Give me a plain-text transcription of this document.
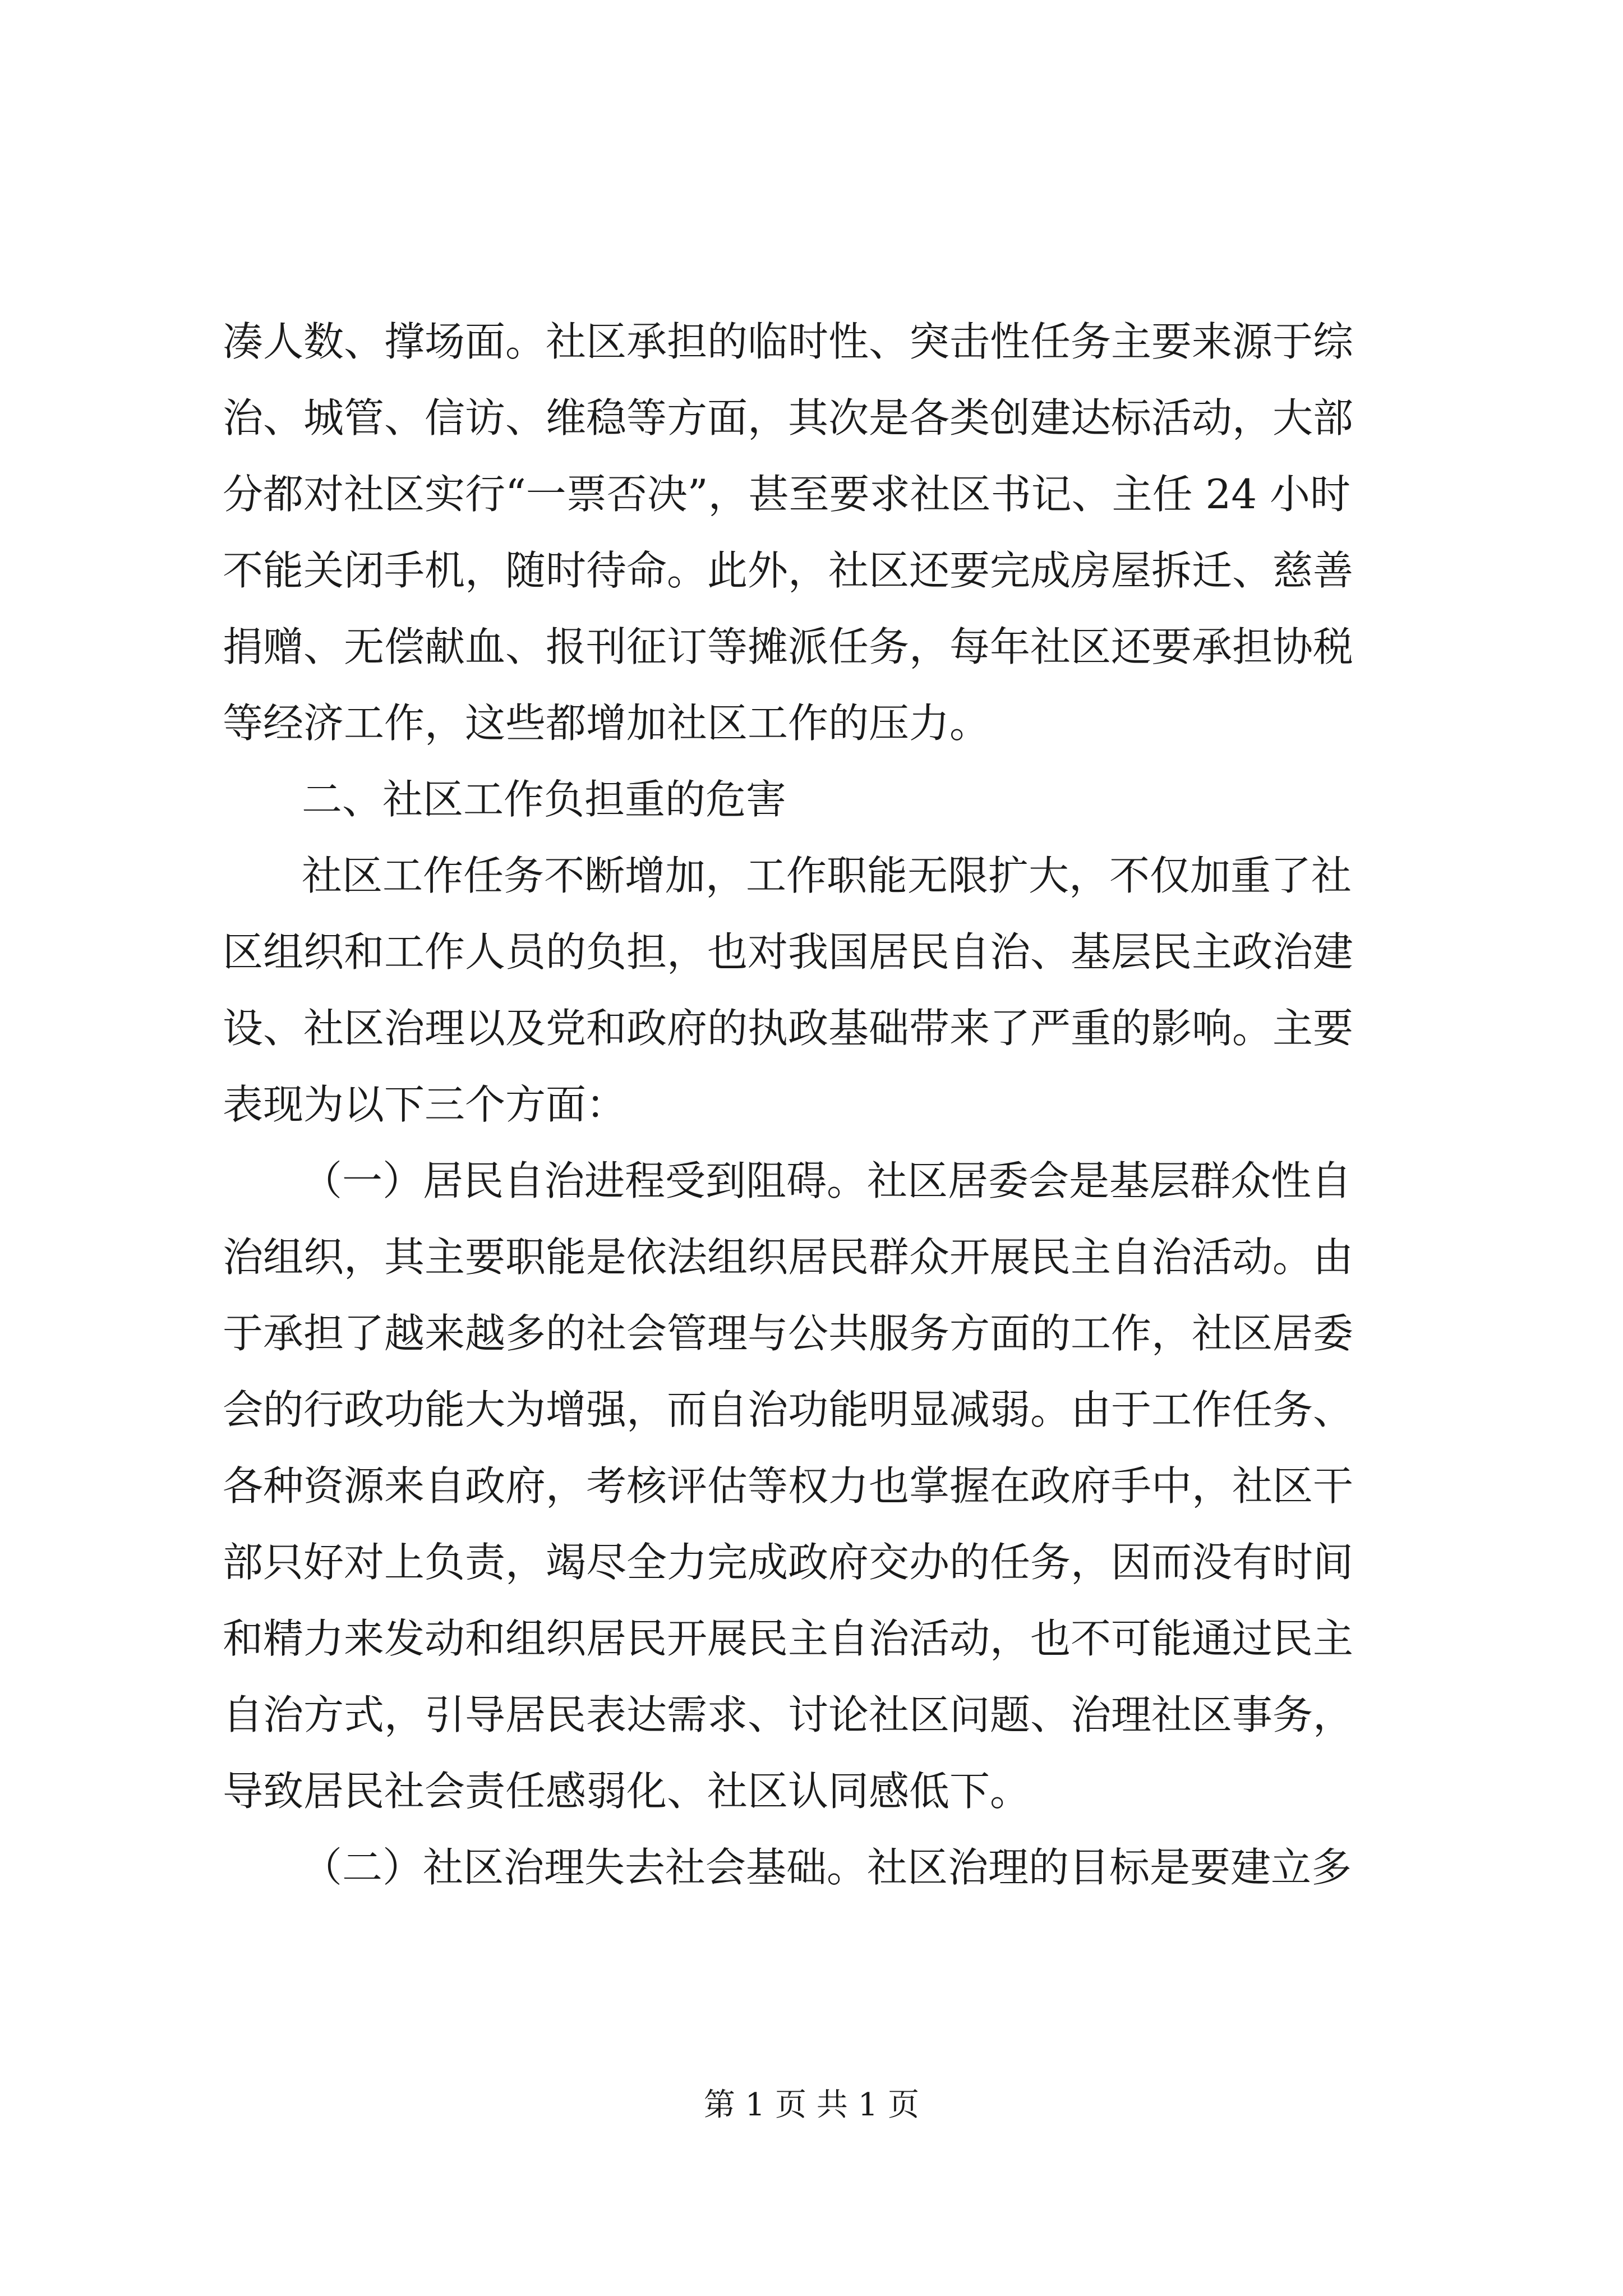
凑人数、撑场面。社区承担的临时性、突击性任务主要来源于综
治、城管、信访、维稳等方面，其次是各类创建达标活动，大部
分都对社区实行“一票否决”，甚至要求社区书记、主任 24 小时
不能关闭手机，随时待命。此外，社区还要完成房屋拆迁、慈善
捐赠、无偿献血、报刊征订等摊派任务，每年社区还要承担协税
等经济工作，这些都增加社区工作的压力。
二、社区工作负担重的危害
社区工作任务不断增加，工作职能无限扩大，不仅加重了社
区组织和工作人员的负担，也对我国居民自治、基层民主政治建
设、社区治理以及党和政府的执政基础带来了严重的影响。主要
表现为以下三个方面：
（一）居民自治进程受到阻碍。社区居委会是基层群众性自
治组织，其主要职能是依法组织居民群众开展民主自治活动。由
于承担了越来越多的社会管理与公共服务方面的工作，社区居委
会的行政功能大为增强，而自治功能明显减弱。由于工作任务、
各种资源来自政府，考核评估等权力也掌握在政府手中，社区干
部只好对上负责，竭尽全力完成政府交办的任务，因而没有时间
和精力来发动和组织居民开展民主自治活动，也不可能通过民主
自治方式，引导居民表达需求、讨论社区问题、治理社区事务，
导致居民社会责任感弱化、社区认同感低下。
（二）社区治理失去社会基础。社区治理的目标是要建立多
第 1 页 共 1 页
